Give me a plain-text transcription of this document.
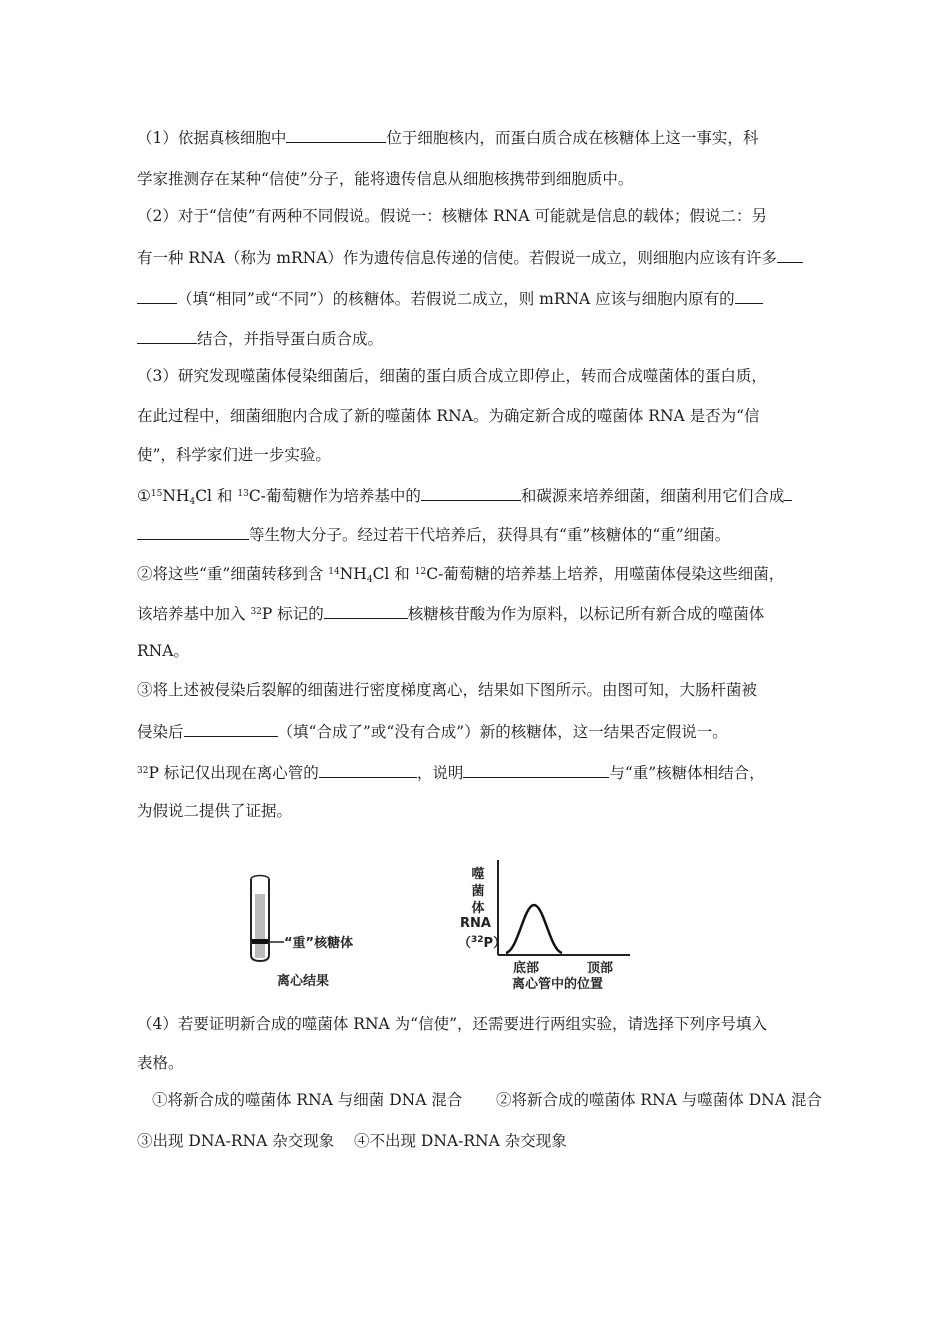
（1）依据真核细胞中	位于细胞核内，而蛋白质合成在核糖体上这一事实，科
学家推测存在某种“信使”分子，能将遗传信息从细胞核携带到细胞质中。
（2）对于“信使”有两种不同假说。假说一：核糖体 RNA 可能就是信息的载体；假说二：另
有一种 RNA（称为 mRNA）作为遗传信息传递的信使。若假说一成立，则细胞内应该有许多
（填“相同”或“不同”）的核糖体。若假说二成立，则 mRNA 应该与细胞内原有的
结合，并指导蛋白质合成。
（3）研究发现噬菌体侵染细菌后，细菌的蛋白质合成立即停止，转而合成噬菌体的蛋白质，
在此过程中，细菌细胞内合成了新的噬菌体 RNA。为确定新合成的噬菌体 RNA 是否为“信
使”，科学家们进一步实验。
$①^{15}NH_4Cl$ 和 $^{13}$C-葡萄糖作为培养基中的	和碳源来培养细菌，细菌利用它们合成
等生物大分子。经过若干代培养后，获得具有“重”核糖体的“重”细菌。
②将这些“重”细菌转移到含 $^{14}NH_4Cl$ 和 $^{12}$C-葡萄糖的培养基上培养，用噬菌体侵染这些细菌，
该培养基中加入 $^{32}$P 标记的	核糖核苷酸为作为原料，以标记所有新合成的噬菌体
RNA。
③将上述被侵染后裂解的细菌进行密度梯度离心，结果如下图所示。由图可知，大肠杆菌被
侵染后	（填“合成了”或“没有合成”）新的核糖体，这一结果否定假说一。
$^{32}$P 标记仅出现在离心管的	，说明	与“重”核糖体相结合，
为假说二提供了证据。
“重”核糖体
离心结果
噬
菌
体
RNA
（$^{32}$P）
底部	顶部
离心管中的位置
（4）若要证明新合成的噬菌体 RNA 为“信使”，还需要进行两组实验，请选择下列序号填入
表格。
①将新合成的噬菌体 RNA 与细菌 DNA 混合 ②将新合成的噬菌体 RNA 与噬菌体 DNA 混合
③出现 DNA-RNA 杂交现象 ④不出现 DNA-RNA 杂交现象
